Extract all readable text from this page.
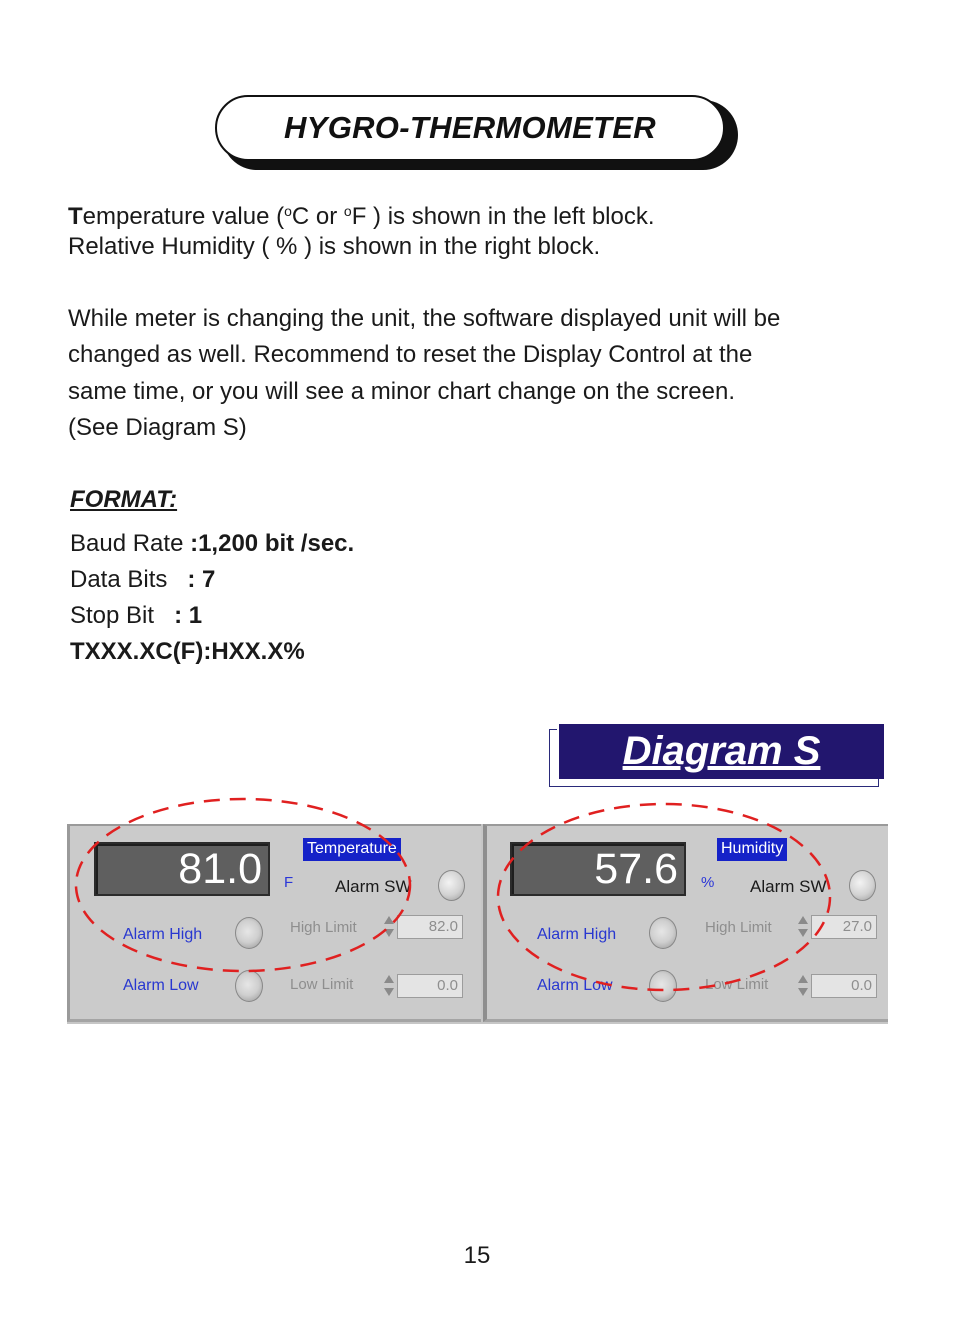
HYGRO-THERMOMETER
Temperature value ($^o$C or $^o$F ) is shown in the left block.
Relative Humidity ( % ) is shown in the right block.
While meter is changing the unit, the software displayed unit will be
changed as well. Recommend to reset the Display Control at the
same time, or you will see a minor chart change on the screen.
(See Diagram S)
FORMAT:
Baud Rate :1,200 bit /sec.
Data Bits   : 7
Stop Bit   : 1
TXXX.XC(F):HXX.X%
Diagram S
81.0	F
Temperature
Alarm SW
Alarm High	High Limit	82.0
Alarm Low	Low Limit	0.0
57.6	%
Humidity
Alarm SW
Alarm High	High Limit	27.0
Alarm Low	Low Limit	0.0
15
